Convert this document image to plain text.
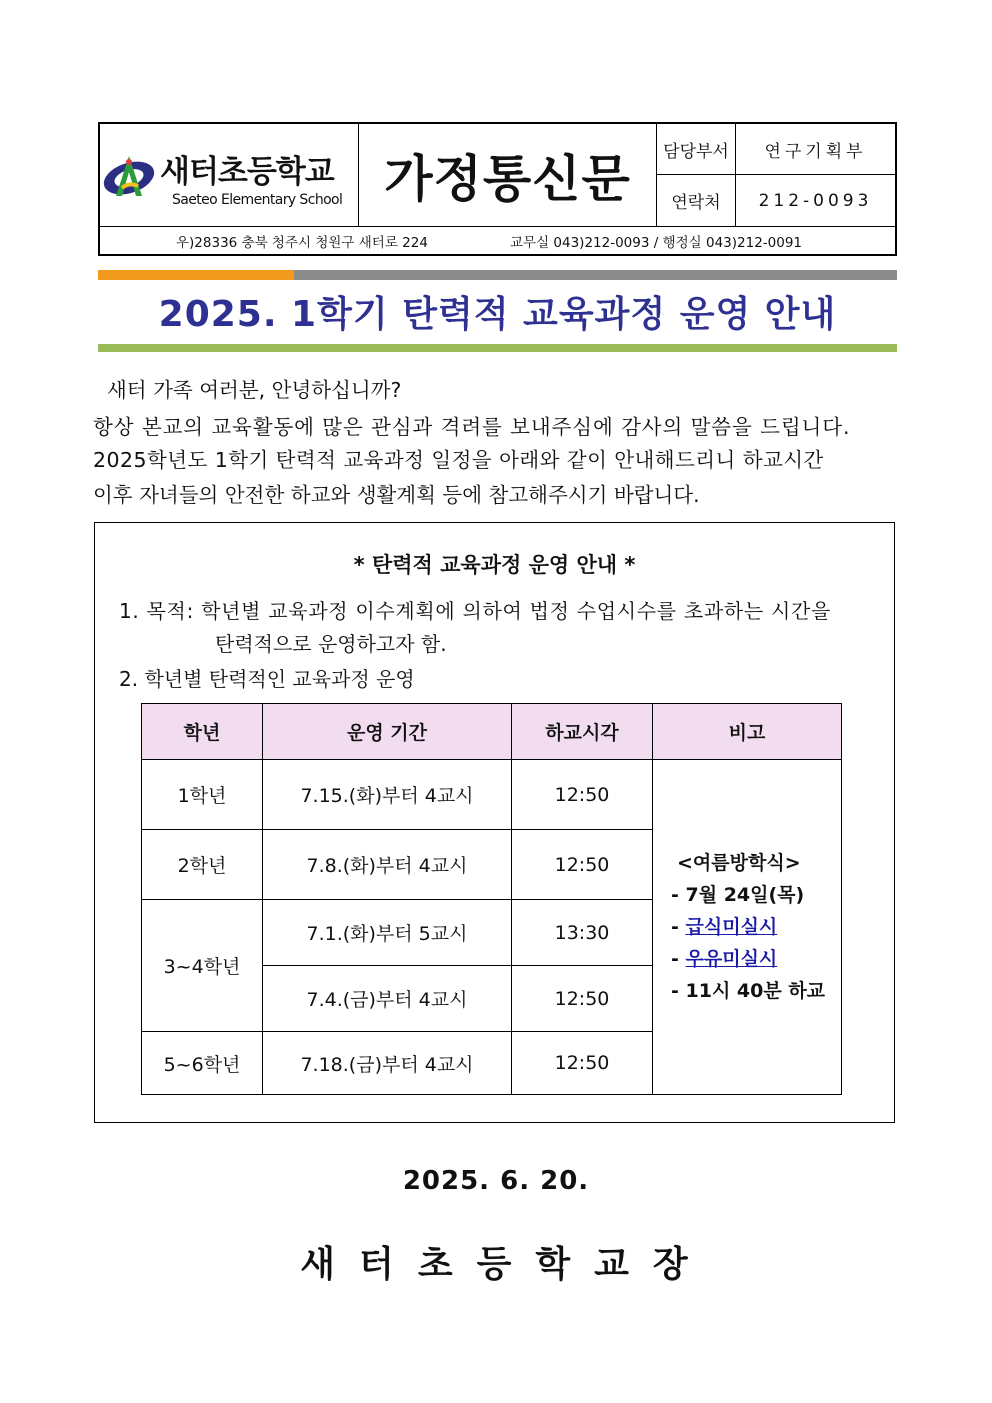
새터초등학교
Saeteo Elementary School 가정통신문	담당부서	연구기획부
연락처	212-0093
우)28336 충북 청주시 청원구 새터로 224	교무실 043)212-0093 / 행정실 043)212-0091
2025. 1학기 탄력적 교육과정 운영 안내
새터 가족 여러분, 안녕하십니까?
항상 본교의 교육활동에 많은 관심과 격려를 보내주심에 감사의 말씀을 드립니다.
2025학년도 1학기 탄력적 교육과정 일정을 아래와 같이 안내해드리니 하교시간
이후 자녀들의 안전한 하교와 생활계획 등에 참고해주시기 바랍니다.
* 탄력적 교육과정 운영 안내 *
1. 목적: 학년별 교육과정 이수계획에 의하여 법정 수업시수를 초과하는 시간을
탄력적으로 운영하고자 함.
2. 학년별 탄력적인 교육과정 운영
학년	운영 기간	하교시각	비고
1학년	7.15.(화)부터 4교시	12:50	<여름방학식>
- 7월 24일(목)
- 급식미실시
- 우유미실시
- 11시 40분 하교

2학년	7.8.(화)부터 4교시	12:50	
3~4학년	7.1.(화)부터 5교시	13:30	
	7.4.(금)부터 4교시	12:50	
5~6학년	7.18.(금)부터 4교시	12:50	
2025. 6. 20.
새터초등학교장
